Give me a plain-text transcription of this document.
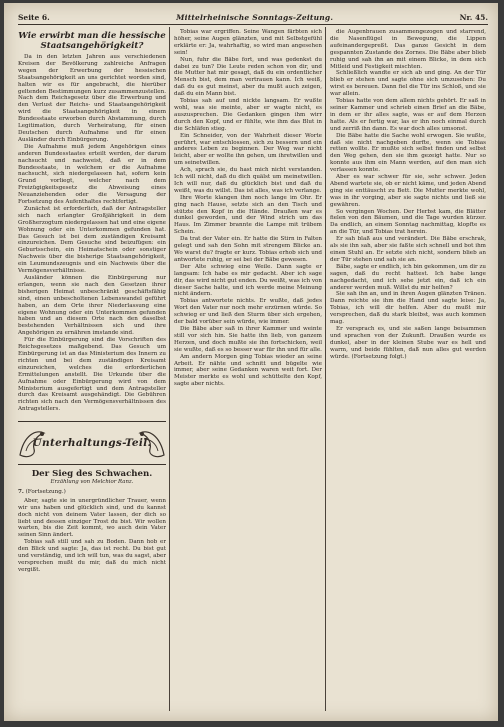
Seite 6.	Mittelrheinische Sonntags-Zeitung.	Nr. 45.
Wie erwirbt man die hessische Staatsangehörigkeit?

Da in den letzten Jahren aus verschiedenen Kreisen der Bevölkerung zahlreiche Anfragen wegen der Erwerbung der hessischen Staatsangehörigkeit an uns gerichtet worden sind, halten wir es für angebracht, die hierüber geltenden Bestimmungen kurz zusammenzustellen. Nach dem Reichsgesetz über die Erwerbung und den Verlust der Reichs- und Staatsangehörigkeit wird die Staatsangehörigkeit in einem Bundesstaate erworben durch Abstammung, durch Legitimation, durch Verheiratung, für einen Deutschen durch Aufnahme und für einen Ausländer durch Einbürgerung.

Die Aufnahme muß jedem Angehörigen eines anderen Bundesstaates erteilt werden, der darum nachsucht und nachweist, daß er in dem Bundesstaate, in welchem er die Aufnahme nachsucht, sich niedergelassen hat, sofern kein Grund vorliegt, welcher nach dem Freizügigkeitsgesetz die Abweisung eines Neuanziehenden oder die Versagung der Fortsetzung des Aufenthaltes rechtfertigt.

Zunächst ist erforderlich, daß der Antragsteller sich nach erlangter Großjährigkeit in dem Großherzogtum niedergelassen hat und eine eigene Wohnung oder ein Unterkommen gefunden hat. Das Gesuch ist bei dem zuständigen Kreisamt einzureichen. Dem Gesuche sind beizufügen: ein Geburtsschein, ein Heimatschein oder sonstiger Nachweis über die bisherige Staatsangehörigkeit, ein Leumundszeugnis und ein Nachweis über die Vermögensverhältnisse.

Ausländer können die Einbürgerung nur erlangen, wenn sie nach den Gesetzen ihrer bisherigen Heimat unbeschränkt geschäftsfähig sind, einen unbescholtenen Lebenswandel geführt haben, an dem Orte ihrer Niederlassung eine eigene Wohnung oder ein Unterkommen gefunden haben und an diesem Orte nach den daselbst bestehenden Verhältnissen sich und ihre Angehörigen zu ernähren imstande sind.

Für die Einbürgerung sind die Vorschriften des Reichsgesetzes maßgebend. Das Gesuch um Einbürgerung ist an das Ministerium des Innern zu richten und bei dem zuständigen Kreisamt einzureichen, welches die erforderlichen Ermittelungen anstellt. Die Urkunde über die Aufnahme oder Einbürgerung wird von dem Ministerium ausgefertigt und dem Antragsteller durch das Kreisamt ausgehändigt. Die Gebühren richten sich nach den Vermögensverhältnissen des Antragstellers.

Unterhaltungs-Teil.
Der Sieg des Schwachen.
Erzählung von Melchior Ranz.
7. (Fortsetzung.)

Aber, sagte sie in unergründlicher Trauer, wenn wir uns haben und glücklich sind, und du kannst doch nicht von deinem Vater lassen, der dich so liebt und dessen einziger Trost du bist. Wir wollen warten, bis die Zeit kommt, wo auch dein Vater seinen Sinn ändert.

Tobias saß still und sah zu Boden. Dann hob er den Blick und sagte: Ja, das ist recht. Du bist gut und verständig, und ich will tun, was du sagst, aber versprechen mußt du mir, daß du mich nicht vergißt.

Tobias war ergriffen. Seine Wangen färbten sich höher, seine Augen glänzten, und mit Selbstgefühl erklärte er: Ja, wahrhaftig, so wird man angesehen sein!

Nun, fuhr die Bäbe fort, und was gedenkst du dabei zu tun? Die Leute reden schon von dir, und die Mutter hat mir gesagt, daß du ein ordentlicher Mensch bist, dem man vertrauen kann. Ich weiß, daß du es gut meinst, aber du mußt auch zeigen, daß du ein Mann bist.

Tobias sah auf und nickte langsam. Er wußte wohl, was sie meinte, aber er wagte nicht, es auszusprechen. Die Gedanken gingen ihm wirr durch den Kopf, und er fühlte, wie ihm das Blut in die Schläfen stieg.

Ein Schneider, von der Wahrheit dieser Worte gerührt, war entschlossen, sich zu bessern und ein anderes Leben zu beginnen. Der Weg war nicht leicht, aber er wollte ihn gehen, um ihretwillen und um seinetwillen.

Ach, sprach sie, du hast mich nicht verstanden. Ich will nicht, daß du dich quälst um meinetwillen. Ich will nur, daß du glücklich bist und daß du weißt, was du willst. Das ist alles, was ich verlange.

Ihre Worte klangen ihm noch lange im Ohr. Er ging nach Hause, setzte sich an den Tisch und stützte den Kopf in die Hände. Draußen war es dunkel geworden, und der Wind strich um das Haus. Im Zimmer brannte die Lampe mit trübem Schein.

Da trat der Vater ein. Er hatte die Stirn in Falten gelegt und sah den Sohn mit strengem Blicke an. Wo warst du? fragte er kurz. Tobias erhob sich und antwortete ruhig, er sei bei der Bäbe gewesen.

Der Alte schwieg eine Weile. Dann sagte er langsam: Ich habe es mir gedacht. Aber ich sage dir, das wird nicht gut enden. Du weißt, was ich von dieser Sache halte, und ich werde meine Meinung nicht ändern.

Tobias antwortete nichts. Er wußte, daß jedes Wort den Vater nur noch mehr erzürnen würde. So schwieg er und ließ den Sturm über sich ergehen, der bald vorüber sein würde, wie immer.

Die Bäbe aber saß in ihrer Kammer und weinte still vor sich hin. Sie hatte ihn lieb, von ganzem Herzen, und doch mußte sie ihn fortschicken, weil sie wußte, daß es so besser war für ihn und für alle.

Am andern Morgen ging Tobias wieder an seine Arbeit. Er nähte und schnitt und bügelte wie immer, aber seine Gedanken waren weit fort. Der Meister merkte es wohl und schüttelte den Kopf, sagte aber nichts.

die Augenbrauen zusammengezogen und starrend, die Nasenflügel in Bewegung, die Lippen aufeinandergepreßt. Das ganze Gesicht in dem gespannten Zustande des Zornes. Die Bäbe aber blieb ruhig und sah ihn an mit einem Blicke, in dem sich Mitleid und Festigkeit mischten.

Schließlich wandte er sich ab und ging. An der Tür blieb er stehen und sagte ohne sich umzusehen: Du wirst es bereuen. Dann fiel die Tür ins Schloß, und sie war allein.

Tobias hatte von dem allem nichts gehört. Er saß in seiner Kammer und schrieb einen Brief an die Bäbe, in dem er ihr alles sagte, was er auf dem Herzen hatte. Als er fertig war, las er ihn noch einmal durch und zerriß ihn dann. Es war doch alles umsonst.

Die Bäbe hatte die Sache wohl erwogen. Sie wußte, daß sie nicht nachgeben durfte, wenn sie Tobias retten wollte. Er mußte sich selbst finden und selbst den Weg gehen, den sie ihm gezeigt hatte. Nur so konnte aus ihm ein Mann werden, auf den man sich verlassen konnte.

Aber es war schwer für sie, sehr schwer. Jeden Abend wartete sie, ob er nicht käme, und jeden Abend ging sie enttäuscht zu Bett. Die Mutter merkte wohl, was in ihr vorging, aber sie sagte nichts und ließ sie gewähren.

So vergingen Wochen. Der Herbst kam, die Blätter fielen von den Bäumen, und die Tage wurden kürzer. Da endlich, an einem Sonntag nachmittag, klopfte es an die Tür, und Tobias trat herein.

Er sah blaß aus und verändert. Die Bäbe erschrak, als sie ihn sah, aber sie faßte sich schnell und bot ihm einen Stuhl an. Er setzte sich nicht, sondern blieb an der Tür stehen und sah sie an.

Bäbe, sagte er endlich, ich bin gekommen, um dir zu sagen, daß du recht hattest. Ich habe lange nachgedacht, und ich sehe jetzt ein, daß ich ein anderer werden muß. Willst du mir helfen?

Sie sah ihn an, und in ihren Augen glänzten Tränen. Dann reichte sie ihm die Hand und sagte leise: Ja, Tobias, ich will dir helfen. Aber du mußt mir versprechen, daß du stark bleibst, was auch kommen mag.

Er versprach es, und sie saßen lange beisammen und sprachen von der Zukunft. Draußen wurde es dunkel, aber in der kleinen Stube war es hell und warm, und beide fühlten, daß nun alles gut werden würde. (Fortsetzung folgt.)
